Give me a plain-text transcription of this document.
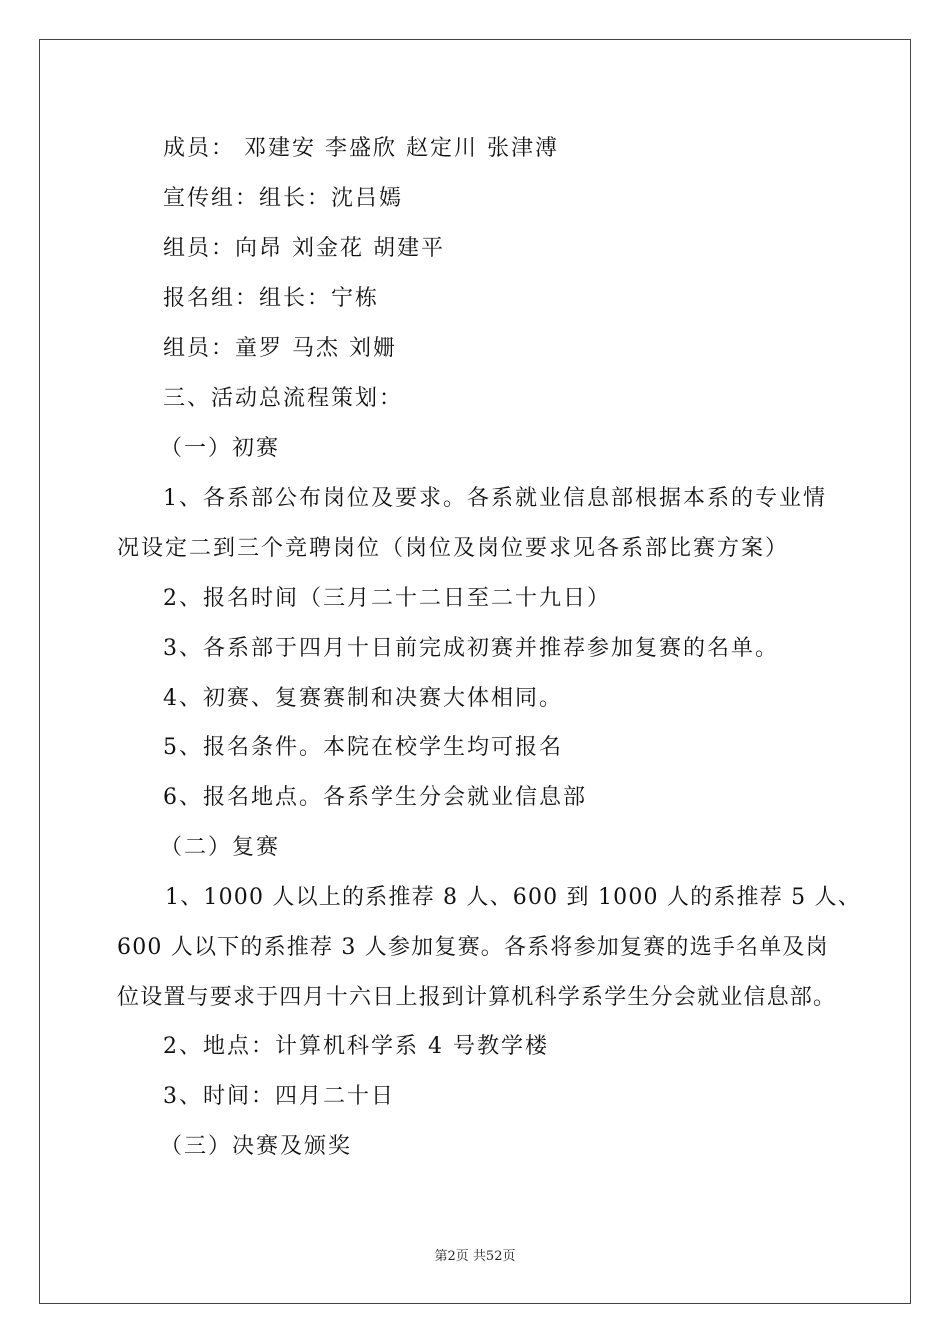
成员： 邓建安 李盛欣 赵定川 张津溥
宣传组：组长：沈吕嫣
组员：向昂 刘金花 胡建平
报名组：组长：宁栋
组员：童罗 马杰 刘姗
三、活动总流程策划：
（一）初赛
1、各系部公布岗位及要求。各系就业信息部根据本系的专业情
况设定二到三个竞聘岗位（岗位及岗位要求见各系部比赛方案）
2、报名时间（三月二十二日至二十九日）
3、各系部于四月十日前完成初赛并推荐参加复赛的名单。
4、初赛、复赛赛制和决赛大体相同。
5、报名条件。本院在校学生均可报名
6、报名地点。各系学生分会就业信息部
（二）复赛
1、1000 人以上的系推荐 8 人、600 到 1000 人的系推荐 5 人、
600 人以下的系推荐 3 人参加复赛。各系将参加复赛的选手名单及岗
位设置与要求于四月十六日上报到计算机科学系学生分会就业信息部。
2、地点：计算机科学系 4 号教学楼
3、时间：四月二十日
（三）决赛及颁奖
第2页 共52页
